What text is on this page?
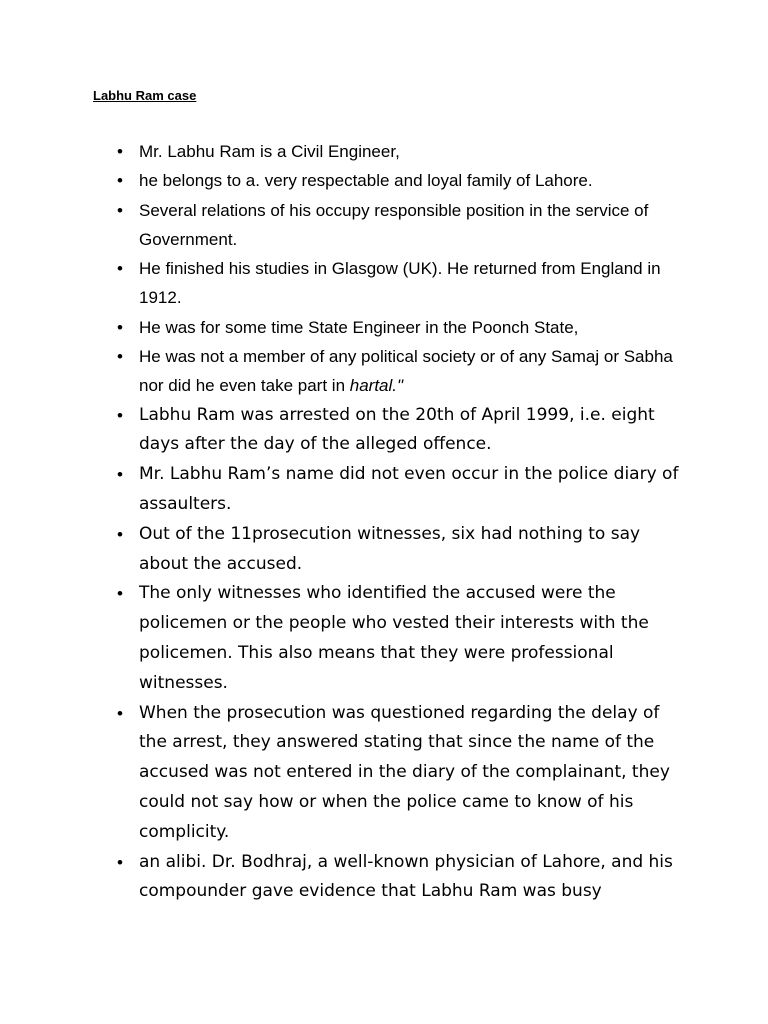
Labhu Ram case
• Mr. Labhu Ram is a Civil Engineer,
• he belongs to a. very respectable and loyal family of Lahore.
• Several relations of his occupy responsible position in the service of Government.
• He finished his studies in Glasgow (UK). He returned from England in 1912.
• He was for some time State Engineer in the Poonch State,
• He was not a member of any political society or of any Samaj or Sabha nor did he even take part in hartal."
• Labhu Ram was arrested on the 20th of April 1999, i.e. eight days after the day of the alleged offence.
• Mr. Labhu Ram’s name did not even occur in the police diary of assaulters.
• Out of the 11prosecution witnesses, six had nothing to say about the accused.
• The only witnesses who identified the accused were the policemen or the people who vested their interests with the policemen. This also means that they were professional witnesses.
• When the prosecution was questioned regarding the delay of the arrest, they answered stating that since the name of the accused was not entered in the diary of the complainant, they could not say how or when the police came to know of his complicity.
• an alibi. Dr. Bodhraj, a well-known physician of Lahore, and his compounder gave evidence that Labhu Ram was busy
